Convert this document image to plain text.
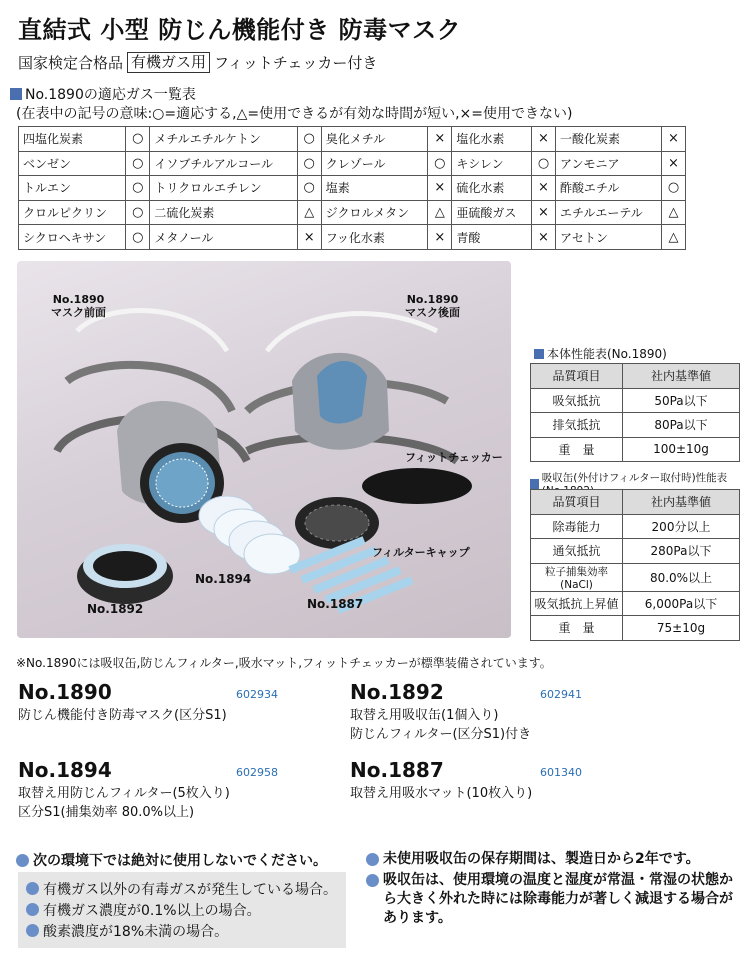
直結式 小型 防じん機能付き 防毒マスク
国家検定合格品 有機ガス用 フィットチェッカー付き
No.1890の適応ガス一覧表
(在表中の記号の意味:○=適応する,△=使用できるが有効な時間が短い,×=使用できない)
四塩化炭素	○	メチルエチルケトン	○	臭化メチル	×	塩化水素	×	一酸化炭素	×
ベンゼン	○	イソブチルアルコール	○	クレゾール	○	キシレン	○	アンモニア	×
トルエン	○	トリクロルエチレン	○	塩素	×	硫化水素	×	酢酸エチル	○
クロルピクリン	○	二硫化炭素	△	ジクロルメタン	△	亜硫酸ガス	×	エチルエーテル	△
シクロヘキサン	○	メタノール	×	フッ化水素	×	青酸	×	アセトン	△
No.1890
マスク前面
No.1890
マスク後面
フィットチェッカー
フィルターキャップ
No.1894
No.1892	No.1887
本体性能表(No.1890)
品質項目	社内基準値
吸気抵抗	50Pa以下
排気抵抗	80Pa以下
重　量	100±10g
吸収缶(外付けフィルター取付時)性能表
品質項目	社内基準値
除毒能力	200分以上
通気抵抗	280Pa以下
粒子捕集効率(NaCl)	80.0%以上
吸気抵抗上昇値	6,000Pa以下
重　量	75±10g
※No.1890には吸収缶,防じんフィルター,吸水マット,フィットチェッカーが標準装備されています。
No.1890	602934
防じん機能付き防毒マスク(区分S1)
No.1892	602941
取替え用吸収缶(1個入り)
防じんフィルター(区分S1)付き
No.1894	602958
取替え用防じんフィルター(5枚入り)
区分S1(捕集効率 80.0%以上)
No.1887	601340
取替え用吸水マット(10枚入り)
次の環境下では絶対に使用しないでください。
有機ガス以外の有毒ガスが発生している場合。
有機ガス濃度が0.1%以上の場合。
酸素濃度が18%未満の場合。
未使用吸収缶の保存期間は、製造日から2年です。
吸収缶は、使用環境の温度と湿度が常温・常湿の状態から大きく外れた時には除毒能力が著しく減退する場合があります。
